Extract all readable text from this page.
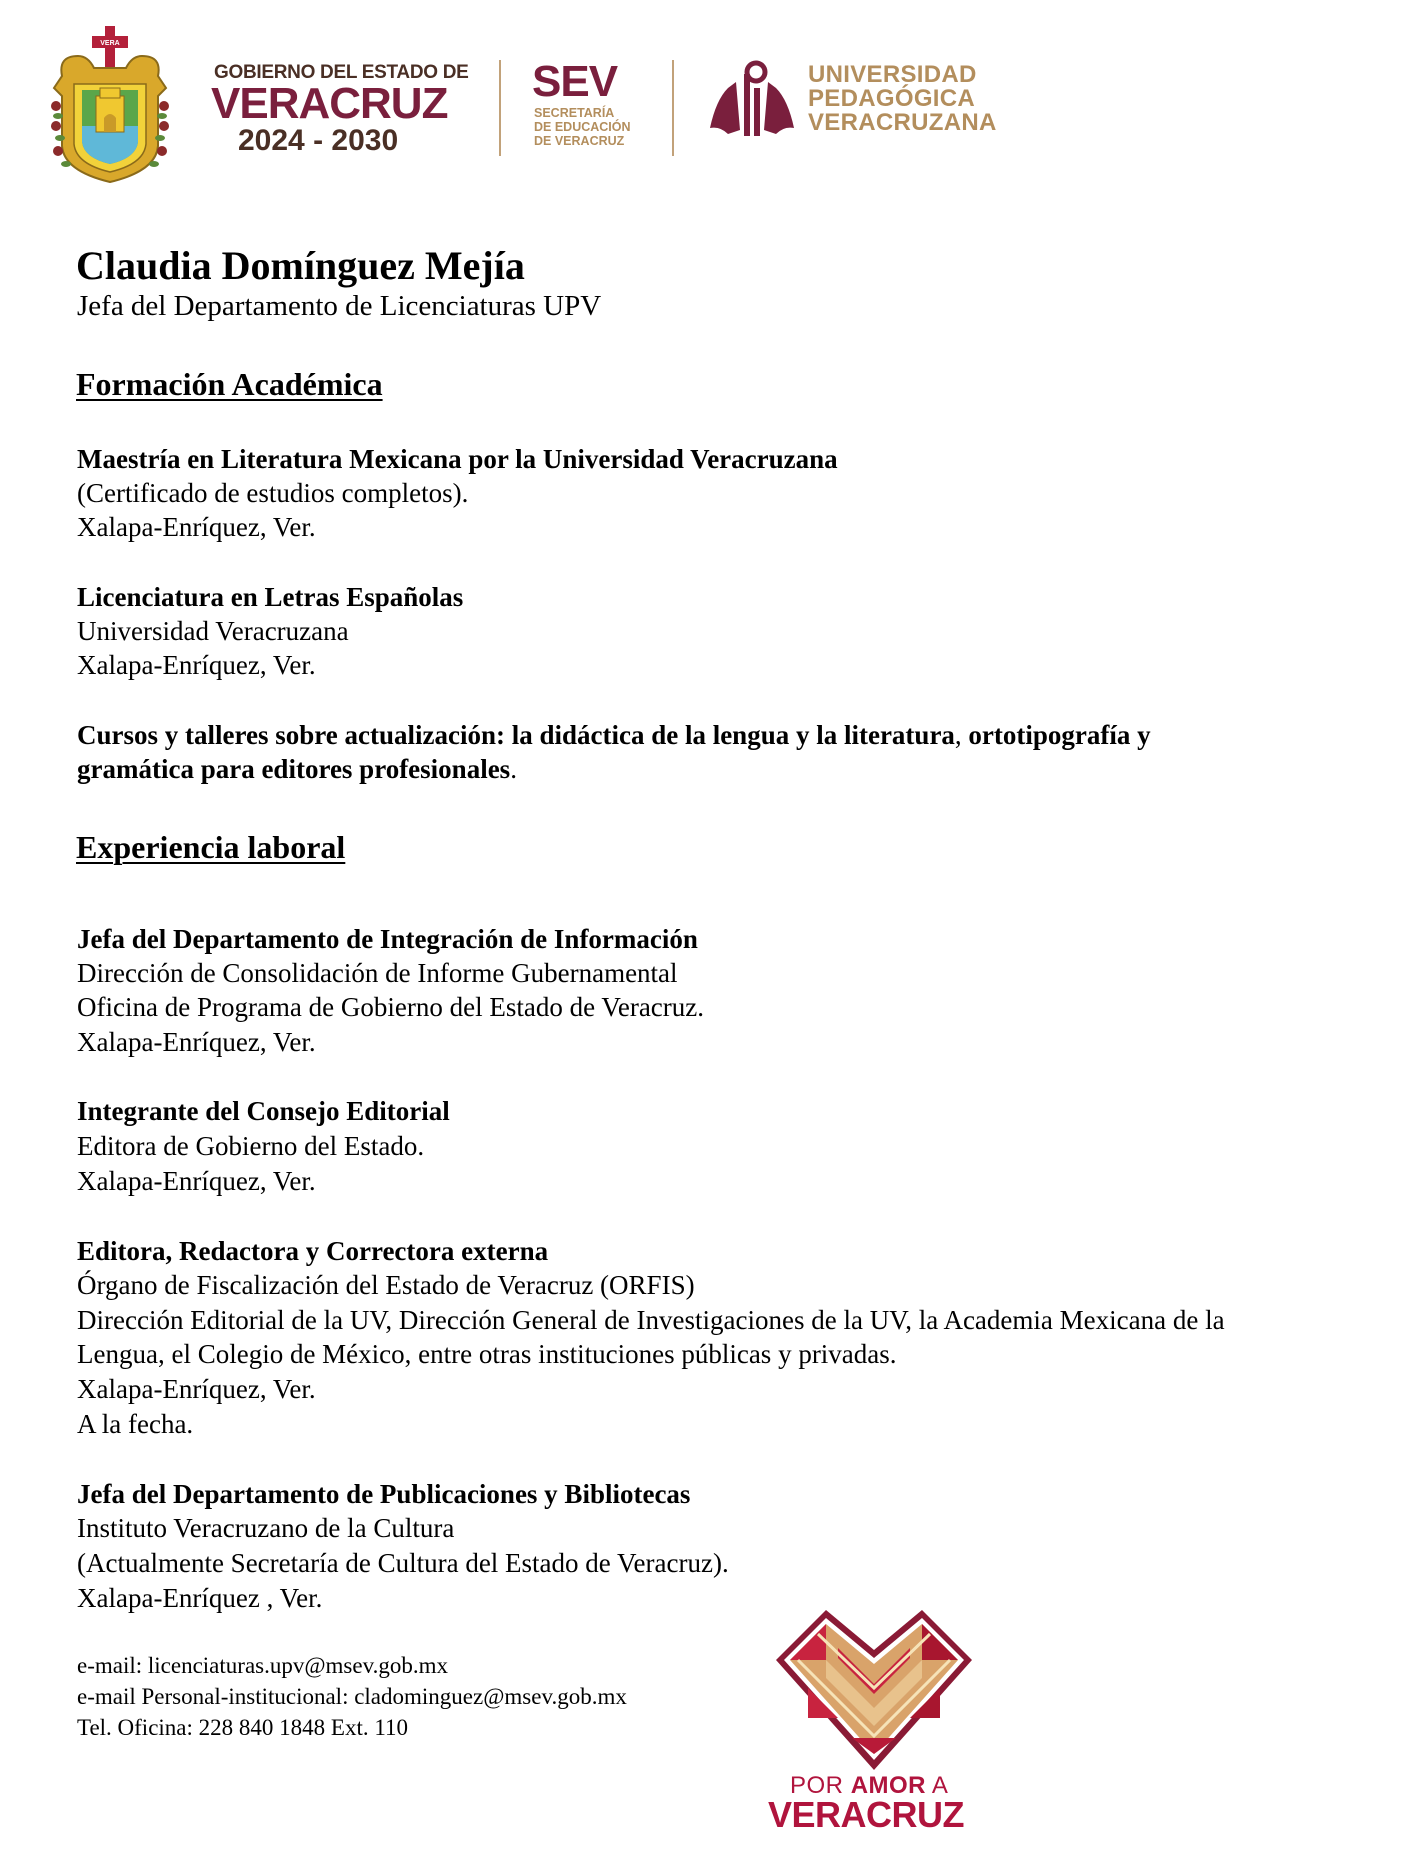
VERA
GOBIERNO DEL ESTADO DE
VERACRUZ
2024 - 2030
SEV
SECRETARÍA
DE EDUCACIÓN
DE VERACRUZ
UNIVERSIDAD
PEDAGÓGICA
VERACRUZANA
Claudia Domínguez Mejía
Jefa del Departamento de Licenciaturas UPV
Formación Académica
Maestría en Literatura Mexicana por la Universidad Veracruzana
(Certificado de estudios completos).
Xalapa-Enríquez, Ver.
Licenciatura en Letras Españolas
Universidad Veracruzana
Xalapa-Enríquez, Ver.
Cursos y talleres sobre actualización: la didáctica de la lengua y la literatura, ortotipografía y
gramática para editores profesionales.
Experiencia laboral
Jefa del Departamento de Integración de Información
Dirección de Consolidación de Informe Gubernamental
Oficina de Programa de Gobierno del Estado de Veracruz.
Xalapa-Enríquez, Ver.
Integrante del Consejo Editorial
Editora de Gobierno del Estado.
Xalapa-Enríquez, Ver.
Editora, Redactora y Correctora externa
Órgano de Fiscalización del Estado de Veracruz (ORFIS)
Dirección Editorial de la UV, Dirección General de Investigaciones de la UV, la Academia Mexicana de la
Lengua, el Colegio de México, entre otras instituciones públicas y privadas.
Xalapa-Enríquez, Ver.
A la fecha.
Jefa del Departamento de Publicaciones y Bibliotecas
Instituto Veracruzano de la Cultura
(Actualmente Secretaría de Cultura del Estado de Veracruz).
Xalapa-Enríquez , Ver.
e-mail: licenciaturas.upv@msev.gob.mx
e-mail Personal-institucional: cladominguez@msev.gob.mx
Tel. Oficina: 228 840 1848 Ext. 110
POR AMOR A
VERACRUZ
